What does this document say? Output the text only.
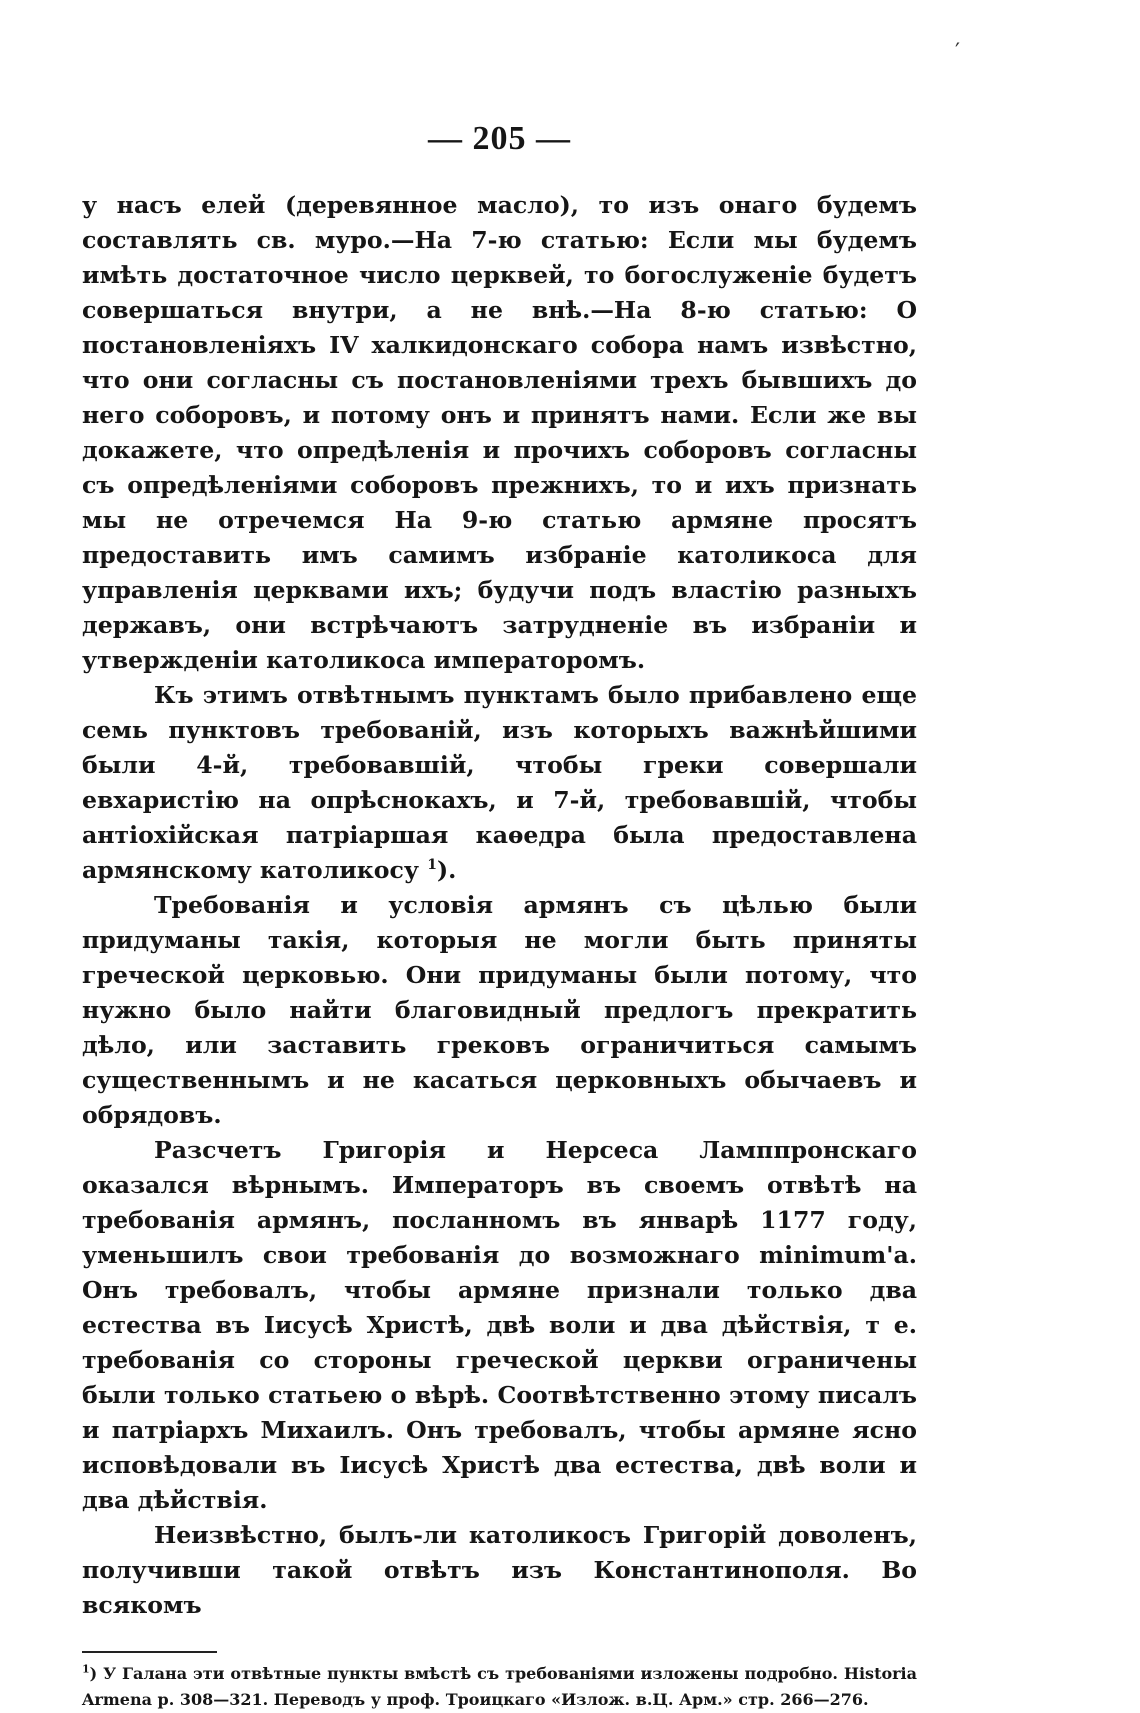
′
— 205 —

у насъ елей (деревянное масло), то изъ онаго будемъ составлять св. муро.—На 7-ю статью: Если мы будемъ имѣть достаточное число церквей, то богослуженіе будетъ совершаться внутри, а не внѣ.—На 8-ю статью: О постановленіяхъ IV халкидонскаго собора намъ извѣстно, что они согласны съ постановленіями трехъ бывшихъ до него соборовъ, и потому онъ и принятъ нами. Если же вы докажете, что опредѣленія и прочихъ соборовъ согласны съ опредѣленіями соборовъ прежнихъ, то и ихъ признать мы не отречемся На 9-ю статью армяне просятъ предоставить имъ самимъ избраніе католикоса для управленія церквами ихъ; будучи подъ властію разныхъ державъ, они встрѣчаютъ затрудненіе въ избраніи и утвержденіи католикоса императоромъ.

Къ этимъ отвѣтнымъ пунктамъ было прибавлено еще семь пунктовъ требованій, изъ которыхъ важнѣйшими были 4-й, требовавшій, чтобы греки совершали евхаристію на опрѣснокахъ, и 7-й, требовавшій, чтобы антіохійская патріаршая каѳедра была предоставлена армянскому католикосу $^1$).

Требованія и условія армянъ съ цѣлью были придуманы такія, которыя не могли быть приняты греческой церковью. Они придуманы были потому, что нужно было найти благовидный предлогъ прекратить дѣло, или заставить грековъ ограничиться самымъ существеннымъ и не касаться церковныхъ обычаевъ и обрядовъ.

Разсчетъ Григорія и Нерсеса Ламппронскаго оказался вѣрнымъ. Императоръ въ своемъ отвѣтѣ на требованія армянъ, посланномъ въ январѣ 1177 году, уменьшилъ свои требованія до возможнаго minimum'a. Онъ требовалъ, чтобы армяне признали только два естества въ Іисусѣ Христѣ, двѣ воли и два дѣйствія, т е. требованія со стороны греческой церкви ограничены были только статьею о вѣрѣ. Соотвѣтственно этому писалъ и патріархъ Михаилъ. Онъ требовалъ, чтобы армяне ясно исповѣдовали въ Іисусѣ Христѣ два естества, двѣ воли и два дѣйствія.

Неизвѣстно, былъ-ли католикосъ Григорій доволенъ, получивши такой отвѣтъ изъ Константинополя. Во всякомъ

$^1$) У Галана эти отвѣтные пункты вмѣстѣ съ требованіями изложены подробно. Historia Armena p. 308—321. Переводъ у проф. Троицкаго «Излож. в.Ц. Арм.» стр. 266—276.
